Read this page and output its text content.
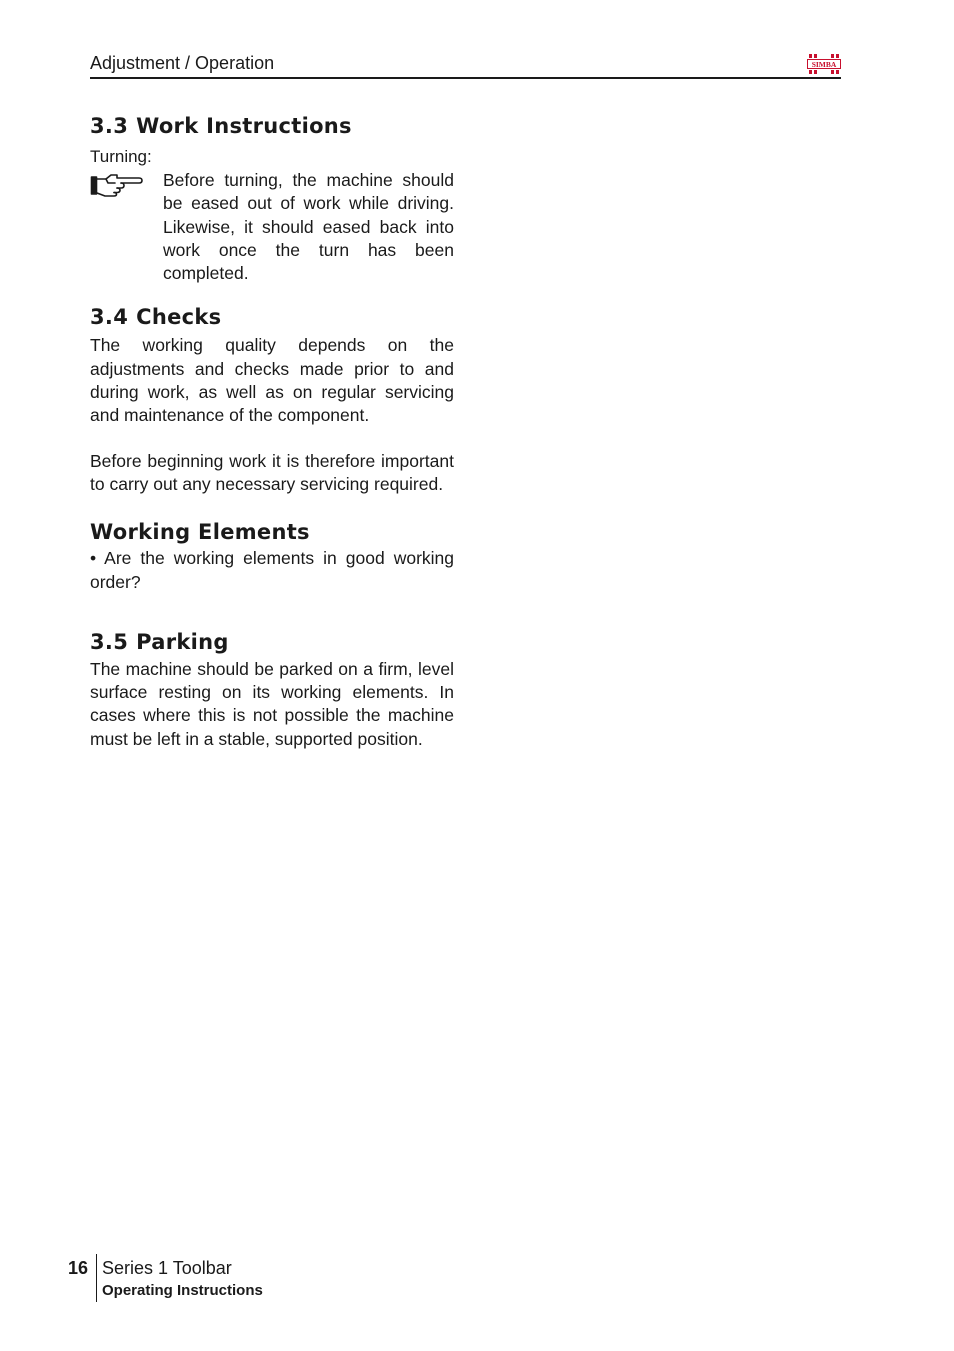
Adjustment / Operation	SIMBA
3.3 Work Instructions
Turning:

Before turning, the machine should be eased out of work while driving. Likewise, it should eased back into work once the turn has been completed.

3.4 Checks

The working quality depends on the adjustments and checks made prior to and during work, as well as on regular servicing and maintenance of the component.

Before beginning work it is therefore important to carry out any necessary servicing required.

Working Elements

• Are the working elements in good working order?

3.5 Parking

The machine should be parked on a firm, level surface resting on its working elements. In cases where this is not possible the machine must be left in a stable, supported position.

16 Series 1 Toolbar
Operating Instructions
